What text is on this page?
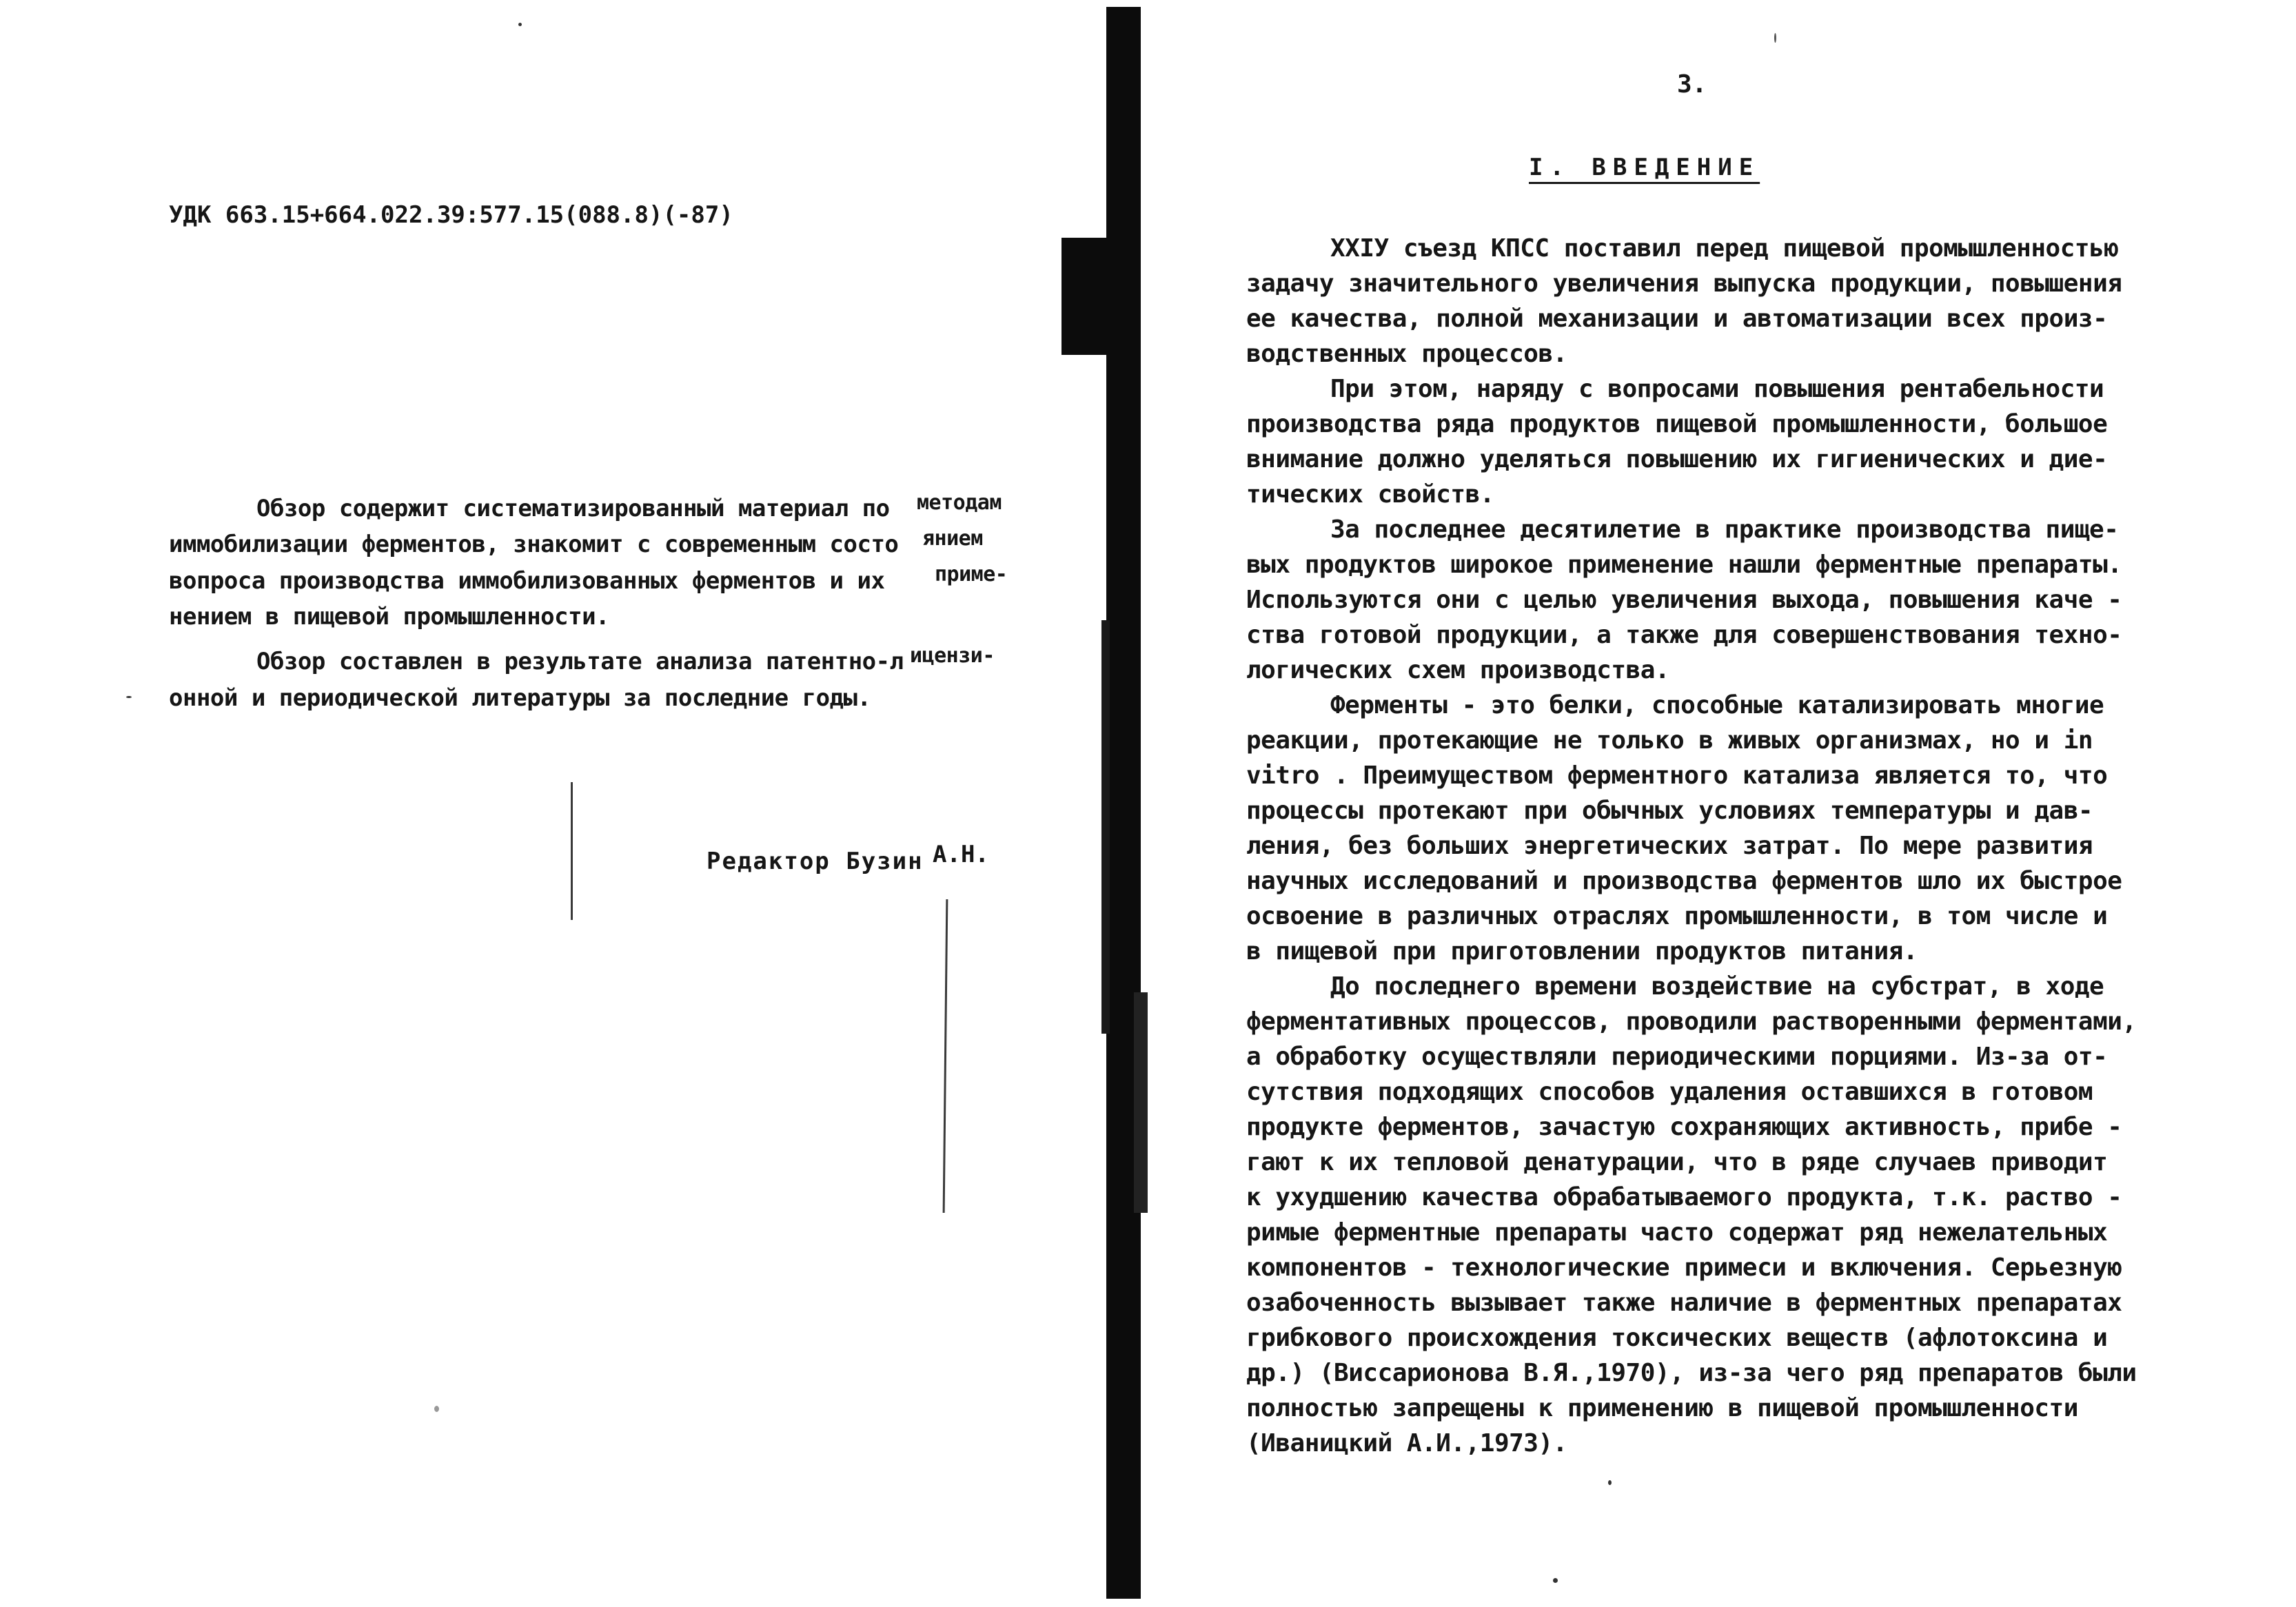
УДК 663.15+664.022.39:577.15(088.8)(-87)
Обзор содержит систематизированный материал по
иммобилизации ферментов, знакомит с современным состо
вопроса производства иммобилизованных ферментов и их
нением в пищевой промышленности.
методам
янием
приме-
Обзор составлен в результате анализа патентно-л
онной и периодической литературы за последние годы.
ицензи-
Редактор Бузин А.Н.
3.
I. ВВЕДЕНИЕ
XXIУ съезд КПСС поставил перед пищевой промышленностью
задачу значительного увеличения выпуска продукции, повышения
ее качества, полной механизации и автоматизации всех произ-
водственных процессов.
При этом, наряду с вопросами повышения рентабельности
производства ряда продуктов пищевой промышленности, большое
внимание должно уделяться повышению их гигиенических и дие-
тических свойств.
За последнее десятилетие в практике производства пище-
вых продуктов широкое применение нашли ферментные препараты.
Используются они с целью увеличения выхода, повышения каче -
ства готовой продукции, а также для совершенствования техно-
логических схем производства.
Ферменты - это белки, способные катализировать многие
реакции, протекающие не только в живых организмах, но и in
vitro . Преимуществом ферментного катализа является то, что
процессы протекают при обычных условиях температуры и дав-
ления, без больших энергетических затрат. По мере развития
научных исследований и производства ферментов шло их быстрое
освоение в различных отраслях промышленности, в том числе и
в пищевой при приготовлении продуктов питания.
До последнего времени воздействие на субстрат, в ходе
ферментативных процессов, проводили растворенными ферментами,
а обработку осуществляли периодическими порциями. Из-за от-
сутствия подходящих способов удаления оставшихся в готовом
продукте ферментов, зачастую сохраняющих активность, прибе -
гают к их тепловой денатурации, что в ряде случаев приводит
к ухудшению качества обрабатываемого продукта, т.к. раство -
римые ферментные препараты часто содержат ряд нежелательных
компонентов - технологические примеси и включения. Серьезную
озабоченность вызывает также наличие в ферментных препаратах
грибкового происхождения токсических веществ (афлотоксина и
др.) (Виссарионова В.Я.,1970), из-за чего ряд препаратов были
полностью запрещены к применению в пищевой промышленности
(Иваницкий А.И.,1973).
